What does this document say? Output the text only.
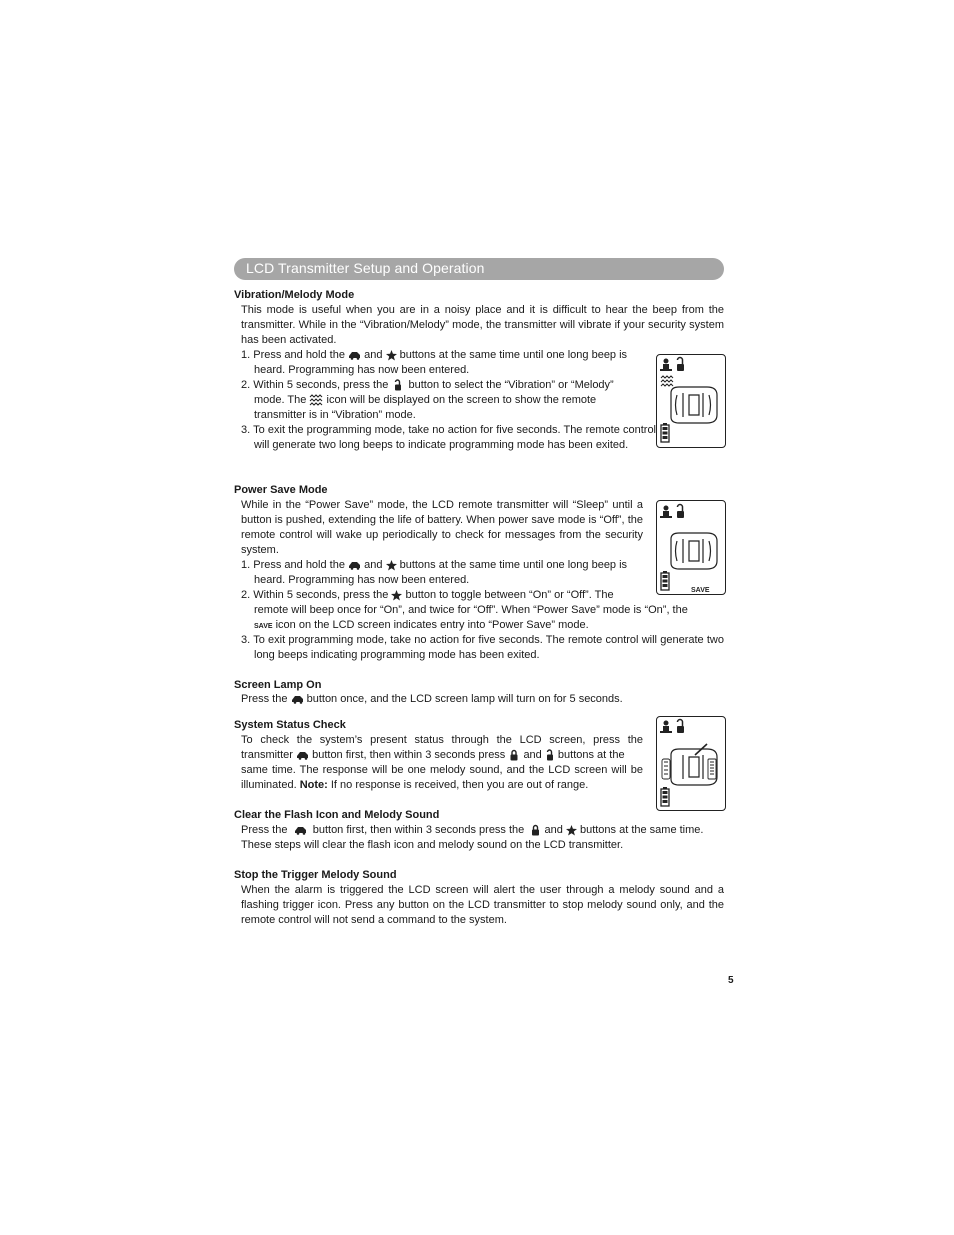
LCD Transmitter Setup and Operation
Vibration/Melody Mode

This mode is useful when you are in a noisy place and it is difficult to hear the beep from the transmitter. While in the “Vibration/Melody” mode, the transmitter will vibrate if your security system has been activated.

1. Press and hold the and buttons at the same time until one long beep is
heard. Programming has now been entered.
2. Within 5 seconds, press the button to select the “Vibration” or “Melody”
mode. The icon will be displayed on the screen to show the remote
transmitter is in “Vibration” mode.

3. To exit the programming mode, take no action for five seconds. The remote control will generate two long beeps to indicate programming mode has been exited.

Power Save Mode

While in the “Power Save” mode, the LCD remote transmitter will “Sleep” until a button is pushed, extending the life of battery. When power save mode is “Off”, the remote control will wake up periodically to check for messages from the security system.

1. Press and hold the and buttons at the same time until one long beep is
heard. Programming has now been entered.
2. Within 5 seconds, press the button to toggle between “On” or “Off”. The
remote will beep once for “On”, and twice for “Off”. When “Power Save” mode is “On”, the
SAVE icon on the LCD screen indicates entry into “Power Save” mode.

3. To exit programming mode, take no action for five seconds. The remote control will generate two long beeps indicating programming mode has been exited.

SAVE
Screen Lamp On
Press the button once, and the LCD screen lamp will turn on for 5 seconds.
System Status Check

To check the system’s present status through the LCD screen, press the

transmitter button first, then within 3 seconds press and buttons at the

same time. The response will be one melody sound, and the LCD screen will be

illuminated. Note: If no response is received, then you are out of range.
Clear the Flash Icon and Melody Sound
Press the button first, then within 3 seconds press the and buttons at the same time.
These steps will clear the flash icon and melody sound on the LCD transmitter.
Stop the Trigger Melody Sound

When the alarm is triggered the LCD screen will alert the user through a melody sound and a flashing trigger icon. Press any button on the LCD transmitter to stop melody sound only, and the remote control will not send a command to the system.

5
